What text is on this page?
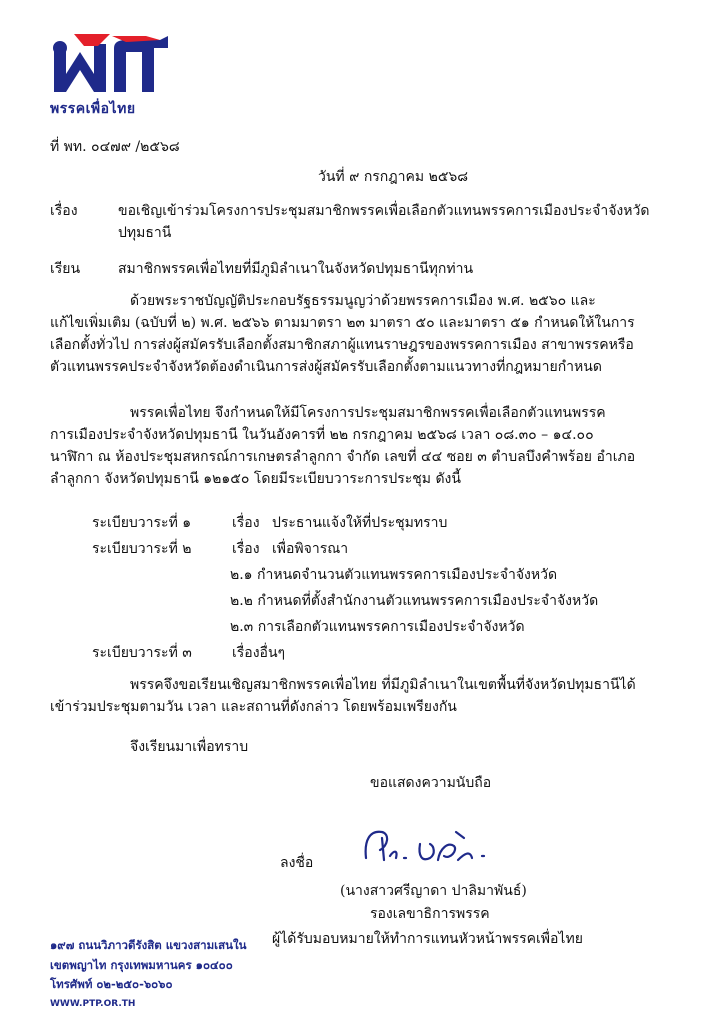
พรรคเพื่อไทย
ที่ พท. ๐๔๗๙ /๒๕๖๘
วันที่ ๙ กรกฎาคม ๒๕๖๘
เรื่อง	ขอเชิญเข้าร่วมโครงการประชุมสมาชิกพรรคเพื่อเลือกตัวแทนพรรคการเมืองประจำจังหวัด
ปทุมธานี
เรียน	สมาชิกพรรคเพื่อไทยที่มีภูมิลำเนาในจังหวัดปทุมธานีทุกท่าน
ด้วยพระราชบัญญัติประกอบรัฐธรรมนูญว่าด้วยพรรคการเมือง พ.ศ. ๒๕๖๐ และ
แก้ไขเพิ่มเติม (ฉบับที่ ๒) พ.ศ. ๒๕๖๖ ตามมาตรา ๒๓ มาตรา ๕๐ และมาตรา ๕๑ กำหนดให้ในการ
เลือกตั้งทั่วไป การส่งผู้สมัครรับเลือกตั้งสมาชิกสภาผู้แทนราษฎรของพรรคการเมือง สาขาพรรคหรือ
ตัวแทนพรรคประจำจังหวัดต้องดำเนินการส่งผู้สมัครรับเลือกตั้งตามแนวทางที่กฎหมายกำหนด
พรรคเพื่อไทย จึงกำหนดให้มีโครงการประชุมสมาชิกพรรคเพื่อเลือกตัวแทนพรรค
การเมืองประจำจังหวัดปทุมธานี ในวันอังคารที่ ๒๒ กรกฎาคม ๒๕๖๘ เวลา ๐๘.๓๐ – ๑๔.๐๐
นาฬิกา ณ ห้องประชุมสหกรณ์การเกษตรลำลูกกา จำกัด เลขที่ ๔๔ ซอย ๓ ตำบลบึงคำพร้อย อำเภอ
ลำลูกกา จังหวัดปทุมธานี ๑๒๑๕๐ โดยมีระเบียบวาระการประชุม ดังนี้
ระเบียบวาระที่ ๑	เรื่อง ประธานแจ้งให้ที่ประชุมทราบ
ระเบียบวาระที่ ๒	เรื่อง เพื่อพิจารณา
๒.๑ กำหนดจำนวนตัวแทนพรรคการเมืองประจำจังหวัด
๒.๒ กำหนดที่ตั้งสำนักงานตัวแทนพรรคการเมืองประจำจังหวัด
๒.๓ การเลือกตัวแทนพรรคการเมืองประจำจังหวัด
ระเบียบวาระที่ ๓	เรื่องอื่นๆ
พรรคจึงขอเรียนเชิญสมาชิกพรรคเพื่อไทย ที่มีภูมิลำเนาในเขตพื้นที่จังหวัดปทุมธานีได้
เข้าร่วมประชุมตามวัน เวลา และสถานที่ดังกล่าว โดยพร้อมเพรียงกัน
จึงเรียนมาเพื่อทราบ
ขอแสดงความนับถือ
ลงชื่อ
(นางสาวศรีญาดา ปาลิมาพันธ์)
รองเลขาธิการพรรค
ผู้ได้รับมอบหมายให้ทำการแทนหัวหน้าพรรคเพื่อไทย
๑๙๗ ถนนวิภาวดีรังสิต แขวงสามเสนใน
เขตพญาไท กรุงเทพมหานคร ๑๐๔๐๐
โทรศัพท์ ๐๒-๒๕๐-๖๐๖๐
WWW.PTP.OR.TH
